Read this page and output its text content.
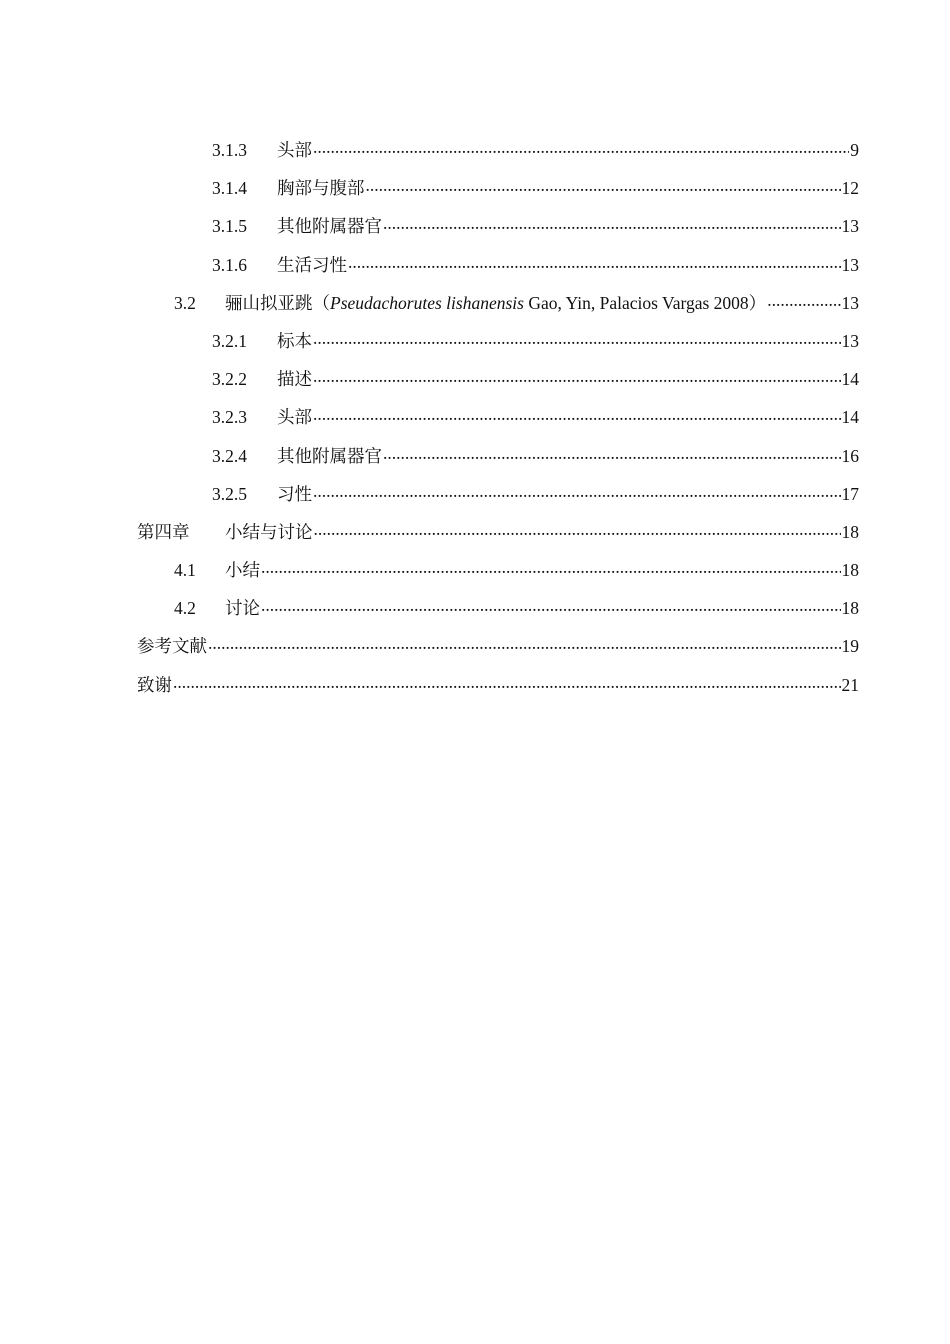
3.1.3	头部 .....	9
3.1.4	胸部与腹部 .....	12
3.1.5	其他附属器官 .....	13
3.1.6	生活习性 .....	13
3.2	骊山拟亚跳（Pseudachorutes lishanensis Gao, Yin, Palacios Vargas 2008） .....	13
3.2.1	标本 .....	13
3.2.2	描述 .....	14
3.2.3	头部 .....	14
3.2.4	其他附属器官 .....	16
3.2.5	习性 .....	17
第四章	小结与讨论 .....	18
4.1	小结 .....	18
4.2	讨论 .....	18
参考文献 .....	19
致谢 .....	21
